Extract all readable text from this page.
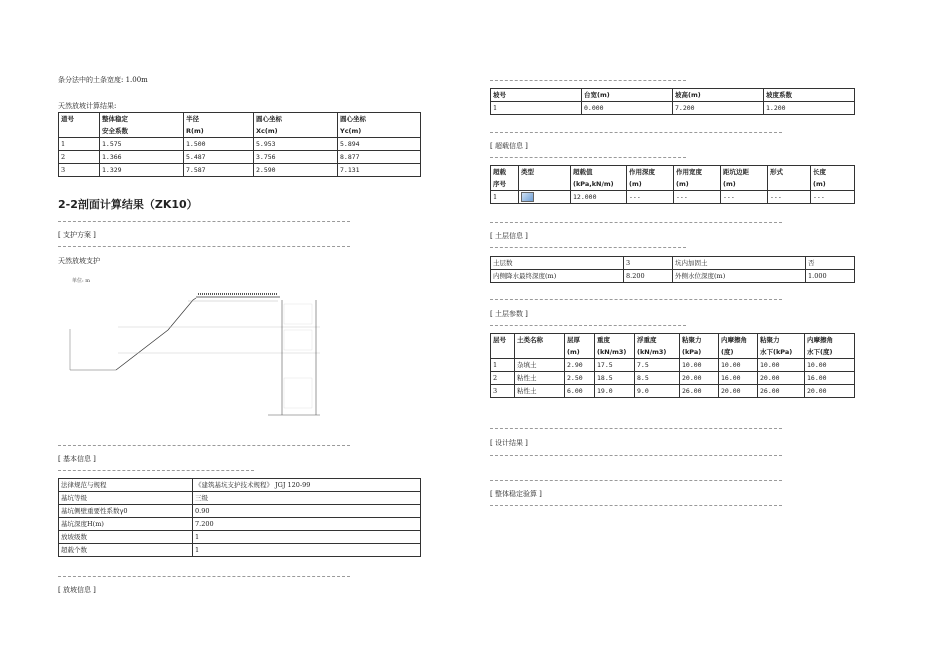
条分法中的土条宽度: 1.00m
天然放坡计算结果:
道号	整体稳定	半径	圆心坐标	圆心坐标
	安全系数	R(m)	Xc(m)	Yc(m)
1	1.575	1.500	5.953	5.894
2	1.366	5.487	3.756	8.877
3	1.329	7.587	2.590	7.131
2-2剖面计算结果（ZK10）
[ 支护方案 ]
天然放坡支护
单位: m
[ 基本信息 ]
法律规范与规程	《建筑基坑支护技术规程》 JGJ 120-99
基坑等级	三级
基坑侧壁重要性系数γ0	0.90
基坑深度H(m)	7.200
放坡级数	1
超载个数	1
[ 放坡信息 ]
坡号	台宽(m)	坡高(m)	坡度系数
1	0.000	7.200	1.200
[ 超载信息 ]
超载	类型	超载值	作用深度	作用宽度	距坑边距	形式	长度
序号		(kPa,kN/m)	(m)	(m)	(m)		(m)
1		12.000	---	---	---	---	---
[ 土层信息 ]
土层数	3	坑内加固土	否
内侧降水最终深度(m)	8.200	外侧水位深度(m)	1.000
[ 土层参数 ]
层号	土类名称	层厚	重度	浮重度	粘聚力	内摩擦角	粘聚力	内摩擦角
		(m)	(kN/m3)	(kN/m3)	(kPa)	(度)	水下(kPa)	水下(度)
1	杂填土	2.90	17.5	7.5	10.00	10.00	10.00	10.00
2	粘性土	2.50	18.5	8.5	20.00	16.00	20.00	16.00
3	粘性土	6.00	19.0	9.0	26.00	20.00	26.00	20.00
[ 设计结果 ]
[ 整体稳定验算 ]
